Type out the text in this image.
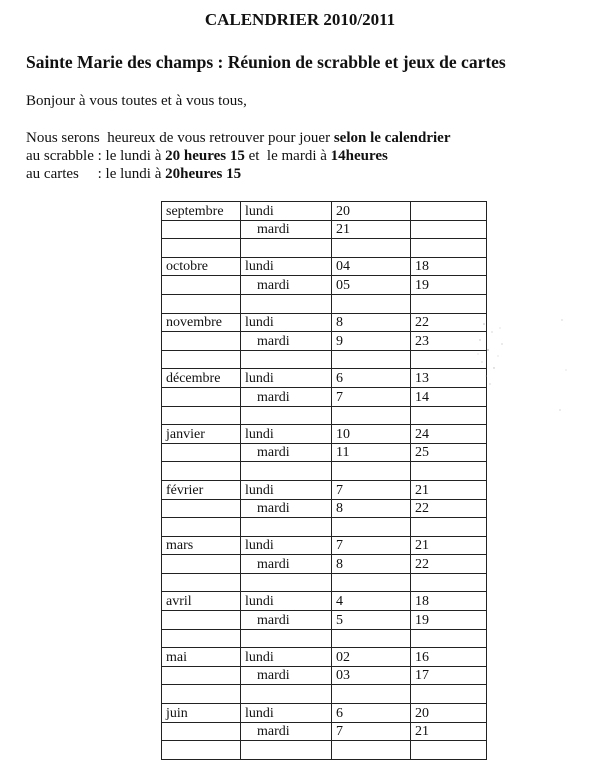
CALENDRIER 2010/2011
Sainte Marie des champs : Réunion de scrabble et jeux de cartes
Bonjour à vous toutes et à vous tous,
Nous serons  heureux de vous retrouver pour jouer selon le calendrier
au scrabble : le lundi à 20 heures 15 et  le mardi à 14heures
au cartes     : le lundi à 20heures 15
septembre	lundi	20	
	mardi	21	

octobre	lundi	04	18
	mardi	05	19

novembre	lundi	8	22
	mardi	9	23

décembre	lundi	6	13
	mardi	7	14

janvier	lundi	10	24
	mardi	11	25

février	lundi	7	21
	mardi	8	22

mars	lundi	7	21
	mardi	8	22

avril	lundi	4	18
	mardi	5	19

mai	lundi	02	16
	mardi	03	17

juin	lundi	6	20
	mardi	7	21
